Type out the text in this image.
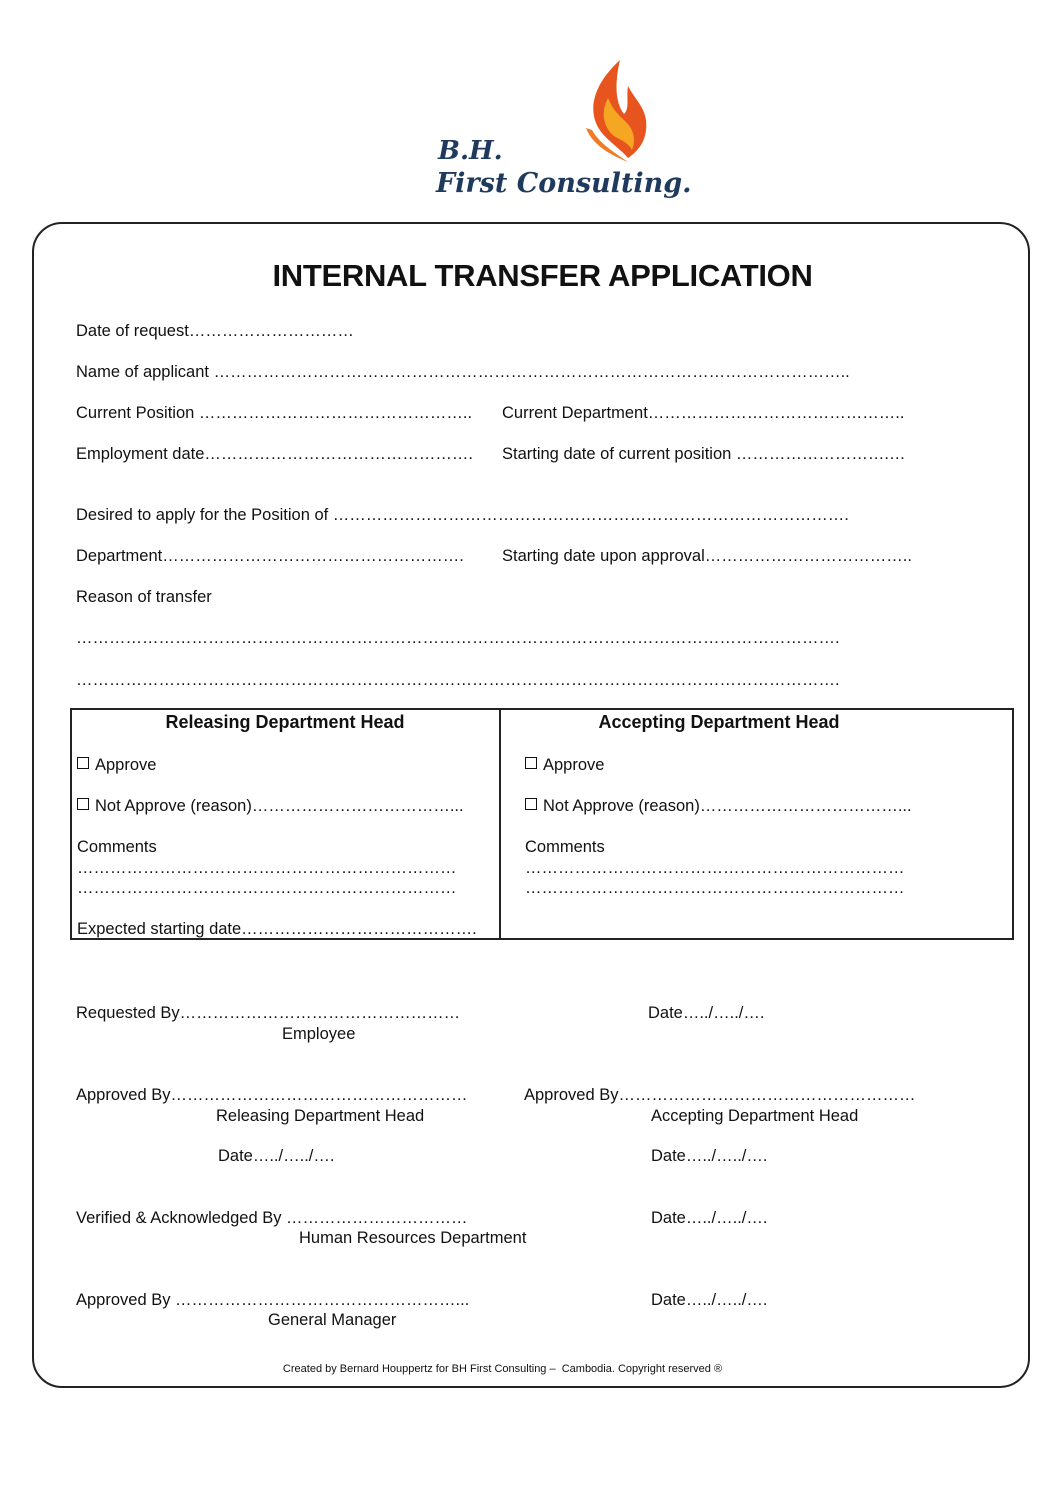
B.H.
First Consulting.
INTERNAL TRANSFER APPLICATION
Date of request…………………………
Name of applicant ……………………………………………………………………………………………………..
Current Position ………………………………………….. Current Department………………………………………..
Employment date…………………………………………. Starting date of current position ……………………….…
Desired to apply for the Position of ………………………………………………………………………………….
Department………………………………………………. Starting date upon approval………………………………..
Reason of transfer
………………………………………………………………………………………………………………………….
………………………………………………………………………………………………………………………….
Releasing Department Head	Accepting Department Head
Approve	Approve
Not Approve (reason)………………………………...	Not Approve (reason)………………………………...
Comments	Comments
……………………………………………………………	……………………………………………………………
……………………………………………………………	……………………………………………………………
Expected starting date…………………………………….
Requested By……………………………………………	Date…../…../….
Employee
Approved By………………………………………………	Approved By………………………………………………
Releasing Department Head	Accepting Department Head
Date…../…../….	Date…../…../….
Verified & Acknowledged By ……………………………	Date…../…../….
Human Resources Department
Approved By ……………………………………………...	Date…../…../….
General Manager
Created by Bernard Houppertz for BH First Consulting –  Cambodia. Copyright reserved ®
